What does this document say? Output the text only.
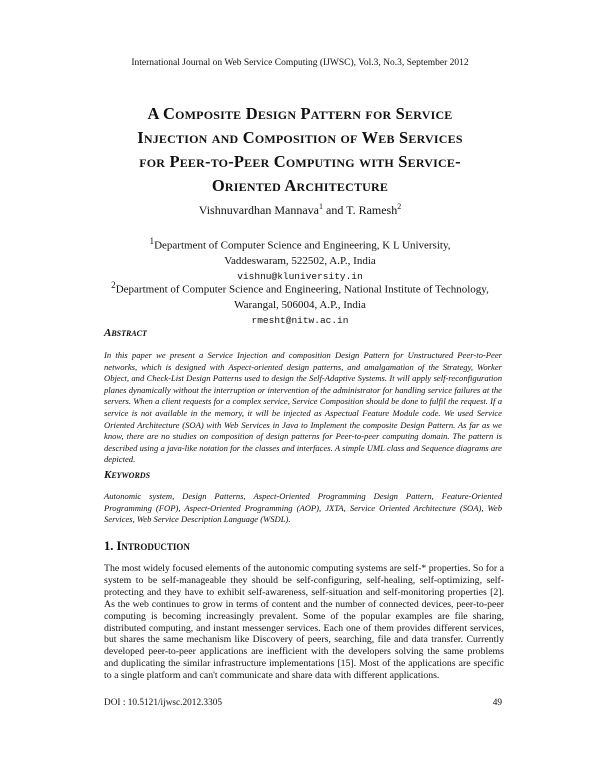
International Journal on Web Service Computing (IJWSC), Vol.3, No.3, September 2012
A Composite Design Pattern for Service
Injection and Composition of Web Services
for Peer-to-Peer Computing with Service-
Oriented Architecture
Vishnuvardhan Mannava$^1$ and T. Ramesh$^2$
$^1$Department of Computer Science and Engineering, K L University,
Vaddeswaram, 522502, A.P., India
vishnu@kluniversity.in
$^2$Department of Computer Science and Engineering, National Institute of Technology,
Warangal, 506004, A.P., India
rmesht@nitw.ac.in
Abstract

In this paper we present a Service Injection and composition Design Pattern for Unstructured Peer-to-Peer networks, which is designed with Aspect-oriented design patterns, and amalgamation of the Strategy, Worker Object, and Check-List Design Patterns used to design the Self-Adaptive Systems. It will apply self-reconfiguration planes dynamically without the interruption or intervention of the administrator for handling service failures at the servers. When a client requests for a complex service, Service Composition should be done to fulfil the request. If a service is not available in the memory, it will be injected as Aspectual Feature Module code. We used Service Oriented Architecture (SOA) with Web Services in Java to Implement the composite Design Pattern. As far as we know, there are no studies on composition of design patterns for Peer-to-peer computing domain. The pattern is described using a java-like notation for the classes and interfaces. A simple UML class and Sequence diagrams are depicted.

Keywords

Autonomic system, Design Patterns, Aspect-Oriented Programming Design Pattern, Feature-Oriented Programming (FOP), Aspect-Oriented Programming (AOP), JXTA, Service Oriented Architecture (SOA), Web Services, Web Service Description Language (WSDL).

1. Introduction

The most widely focused elements of the autonomic computing systems are self-* properties. So for a system to be self-manageable they should be self-configuring, self-healing, self-optimizing, self-protecting and they have to exhibit self-awareness, self-situation and self-monitoring properties [2]. As the web continues to grow in terms of content and the number of connected devices, peer-to-peer computing is becoming increasingly prevalent. Some of the popular examples are file sharing, distributed computing, and instant messenger services. Each one of them provides different services, but shares the same mechanism like Discovery of peers, searching, file and data transfer. Currently developed peer-to-peer applications are inefficient with the developers solving the same problems and duplicating the similar infrastructure implementations [15]. Most of the applications are specific to a single platform and can't communicate and share data with different applications.

DOI : 10.5121/ijwsc.2012.3305	49
